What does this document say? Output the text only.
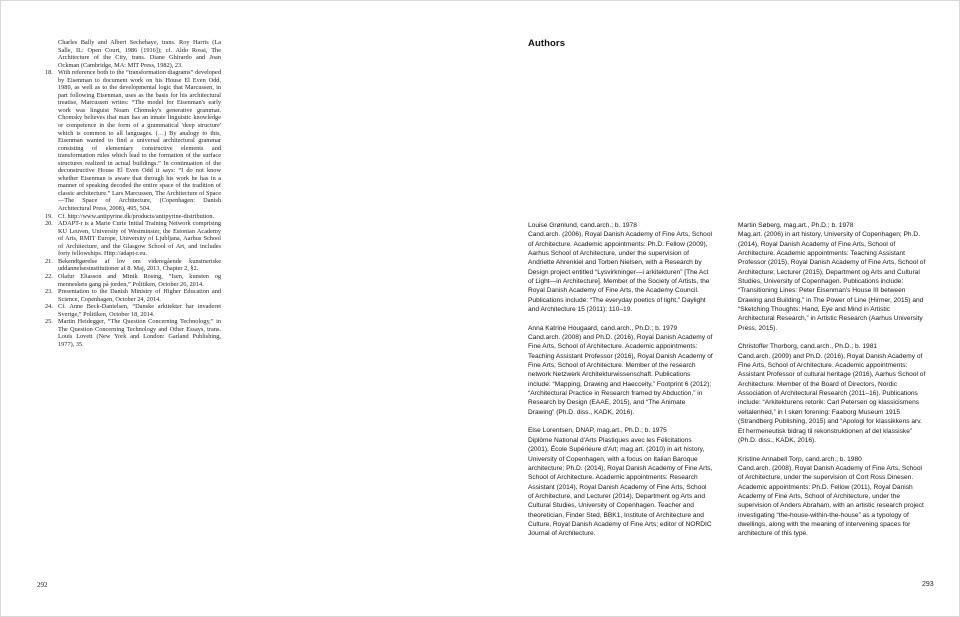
Charles Bally and Albert Sechehaye, trans. Roy Harris (La Salle, IL: Open Court, 1986 [1916]); cf. Aldo Rossi, The Architecture of the City, trans. Diane Ghirardo and Joan Ockman (Cambridge, MA: MIT Press, 1982), 23.
18. With reference both to the “transformation diagrams” developed by Eisenman to document work on his House El Even Odd, 1980, as well as to the developmental logic that Marcussen, in part following Eisenman, uses as the basis for his architectural treatise, Marcussen writes: “The model for Eisenman's early work was linguist Noam Chomsky's generative grammar. Chomsky believes that man has an innate linguistic knowledge or competence in the form of a grammatical 'deep structure' which is common to all languages. (…) By analogy to this, Eisenman wanted to find a universal architectural grammar consisting of elementary constructive elements and transformation rules which lead to the formation of the surface structures realized in actual buildings.” In continuation of the deconstructive House El Even Odd it says: “I do not know whether Eisenman is aware that through his work he has in a manner of speaking decoded the entire space of the tradition of classic architecture.” Lars Marcussen, The Architecture of Space—The Space of Architecture, (Copenhagen: Danish Architectural Press, 2008), 495, 504.
19. Cf. http://www.antipyrine.dk/products/antipyrine-distribution.
20. ADAPT-r is a Marie Curie Initial Training Network comprising KU Leuven, University of Westminster, the Estonian Academy of Arts, RMIT Europe, University of Ljubljana, Aarhus School of Architecture, and the Glasgow School of Art, and includes forty fellowships. Http://adapt-r.eu.
21. Bekendtgørelse af lov om videregående kunstneriske uddannelsesinstitutioner af 8. Maj, 2013, Chapter 2, §2.
22. Olafur Eliasson and Minik Rosing, “Isen, kunsten og menneskets gang på jorden,” Politiken, October 26, 2014.
23. Presentation to the Danish Ministry of Higher Education and Science, Copenhagen, October 24, 2014.
24. Cf. Anne Beck-Danielsen, “Danske arkitekter har invaderet Sverige,” Politiken, October 18, 2014.
25. Martin Heidegger, “The Question Concerning Technology,” in The Question Concerning Technology and Other Essays, trans. Louis Lovett (New York and London: Garland Publishing, 1977), 35.
Authors
Louise Grønlund, cand.arch.; b. 1978
Cand.arch. (2006), Royal Danish Academy of Fine Arts, School of Architecture. Academic appointments: Ph.D. Fellow (2009), Aarhus School of Architecture, under the supervision of Andriette Ahrenkiel and Torben Nielsen, with a Research by Design project entitled “Lysvirkninger—i arkitekturen” [The Act of Light—in Architecture]. Member of the Society of Artists, the Royal Danish Academy of Fine Arts, the Academy Council. Publications include: “The everyday poetics of light,” Daylight and Architecture 15 (2011): 110–19.
Anna Katrine Hougaard, cand.arch., Ph.D.; b. 1979
Cand.arch. (2008) and Ph.D. (2016), Royal Danish Academy of Fine Arts, School of Architecture. Academic appointments: Teaching Assistant Professor (2016), Royal Danish Academy of Fine Arts, School of Architecture. Member of the research network Netzwerk Architekturwissenschaft. Publications include: “Mapping, Drawing and Haecceity,” Footprint 6 (2012); “Architectural Practice in Research framed by Abduction,” in Research by Design (EAAE, 2015), and “The Animate Drawing” (Ph.D. diss., KADK, 2016).
Else Lorentsen, DNAP, mag.art., Ph.D.; b. 1975
Diplôme National d'Arts Plastiques avec les Félicitations (2001), École Supérieure d'Art; mag.art. (2010) in art history, University of Copenhagen, with a focus on Italian Baroque architecture; Ph.D. (2014), Royal Danish Academy of Fine Arts, School of Architecture. Academic appointments: Research Assistant (2014), Royal Danish Academy of Fine Arts, School of Architecture, and Lecturer (2014), Department og Arts and Cultural Studies, University of Copenhagen. Teacher and theoretician, Finder Sted, BBK1, Institute of Architecture and Culture, Royal Danish Academy of Fine Arts; editor of NORDIC Journal of Architecture.
Martin Søberg, mag.art., Ph.D.; b. 1978
Mag.art. (2006) in art history, University of Copenhagen; Ph.D. (2014), Royal Danish Academy of Fine Arts, School of Architecture. Academic appointments: Teaching Assistant Professor (2015), Royal Danish Academy of Fine Arts, School of Architecture; Lecturer (2015), Department og Arts and Cultural Studies, University of Copenhagen. Publications include: “Transitioning Lines: Peter Eisenman's House III between Drawing and Building,” in The Power of Line (Hirmer, 2015) and “Sketching Thoughts: Hand, Eye and Mind in Artistic Architectural Research,” in Artistic Research (Aarhus University Press, 2015).
Christoffer Thorborg, cand.arch., Ph.D.; b. 1981
Cand.arch. (2009) and Ph.D. (2016), Royal Danish Academy of Fine Arts, School of Architecture. Academic appointments: Assistant Professor of cultural heritage (2016), Aarhus School of Architecture. Member of the Board of Directors, Nordic Association of Architectural Research (2011–16). Publications include: “Arkitekturens retorik: Carl Petersen og klassicismens veltalenhed,” in I skøn forening: Faaborg Museum 1915 (Strandberg Publishing, 2015) and “Apologi for klassikkens arv. Et hermeneutisk bidrag til rekonstruktionen af det klassiske” (Ph.D. diss., KADK, 2016).
Kristine Annabell Torp, cand.arch.; b. 1980
Cand.arch. (2008), Royal Danish Academy of Fine Arts, School of Architecture, under the supervision of Cort Ross Dinesen. Academic appointments: Ph.D. Fellow (2011), Royal Danish Academy of Fine Arts, School of Architecture, under the supervision of Anders Abraham, with an artistic research project investigating “the-house-within-the-house” as a typology of dwellings, along with the meaning of intervening spaces for architecture of this type.
292	293
